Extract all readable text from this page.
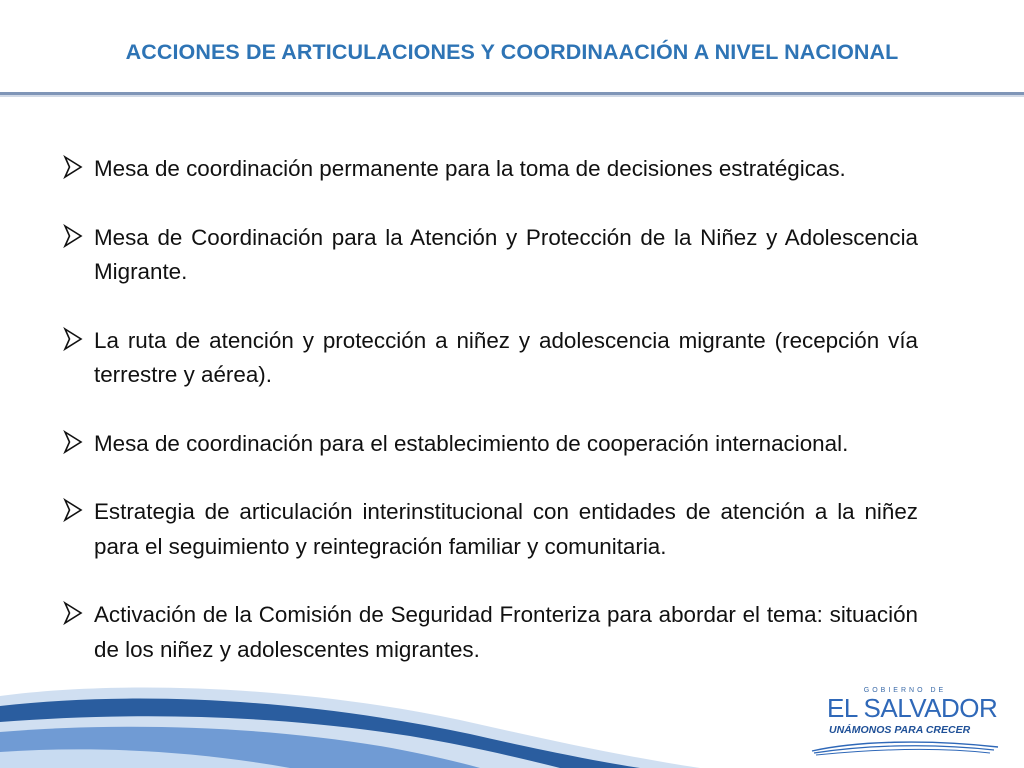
ACCIONES DE ARTICULACIONES Y COORDINAACIÓN A NIVEL NACIONAL
Mesa de coordinación permanente para la toma de decisiones estratégicas.
Mesa de Coordinación para la Atención y Protección de la Niñez y Adolescencia Migrante.
La ruta de atención y protección a niñez y adolescencia migrante (recepción vía terrestre y aérea).
Mesa de coordinación para el establecimiento de cooperación internacional.
Estrategia de articulación interinstitucional con entidades de atención a la niñez para el seguimiento y reintegración familiar y comunitaria.
Activación de la Comisión de Seguridad Fronteriza para abordar el tema: situación de los niñez y adolescentes migrantes.
GOBIERNO DE
EL SALVADOR
UNÁMONOS PARA CRECER
